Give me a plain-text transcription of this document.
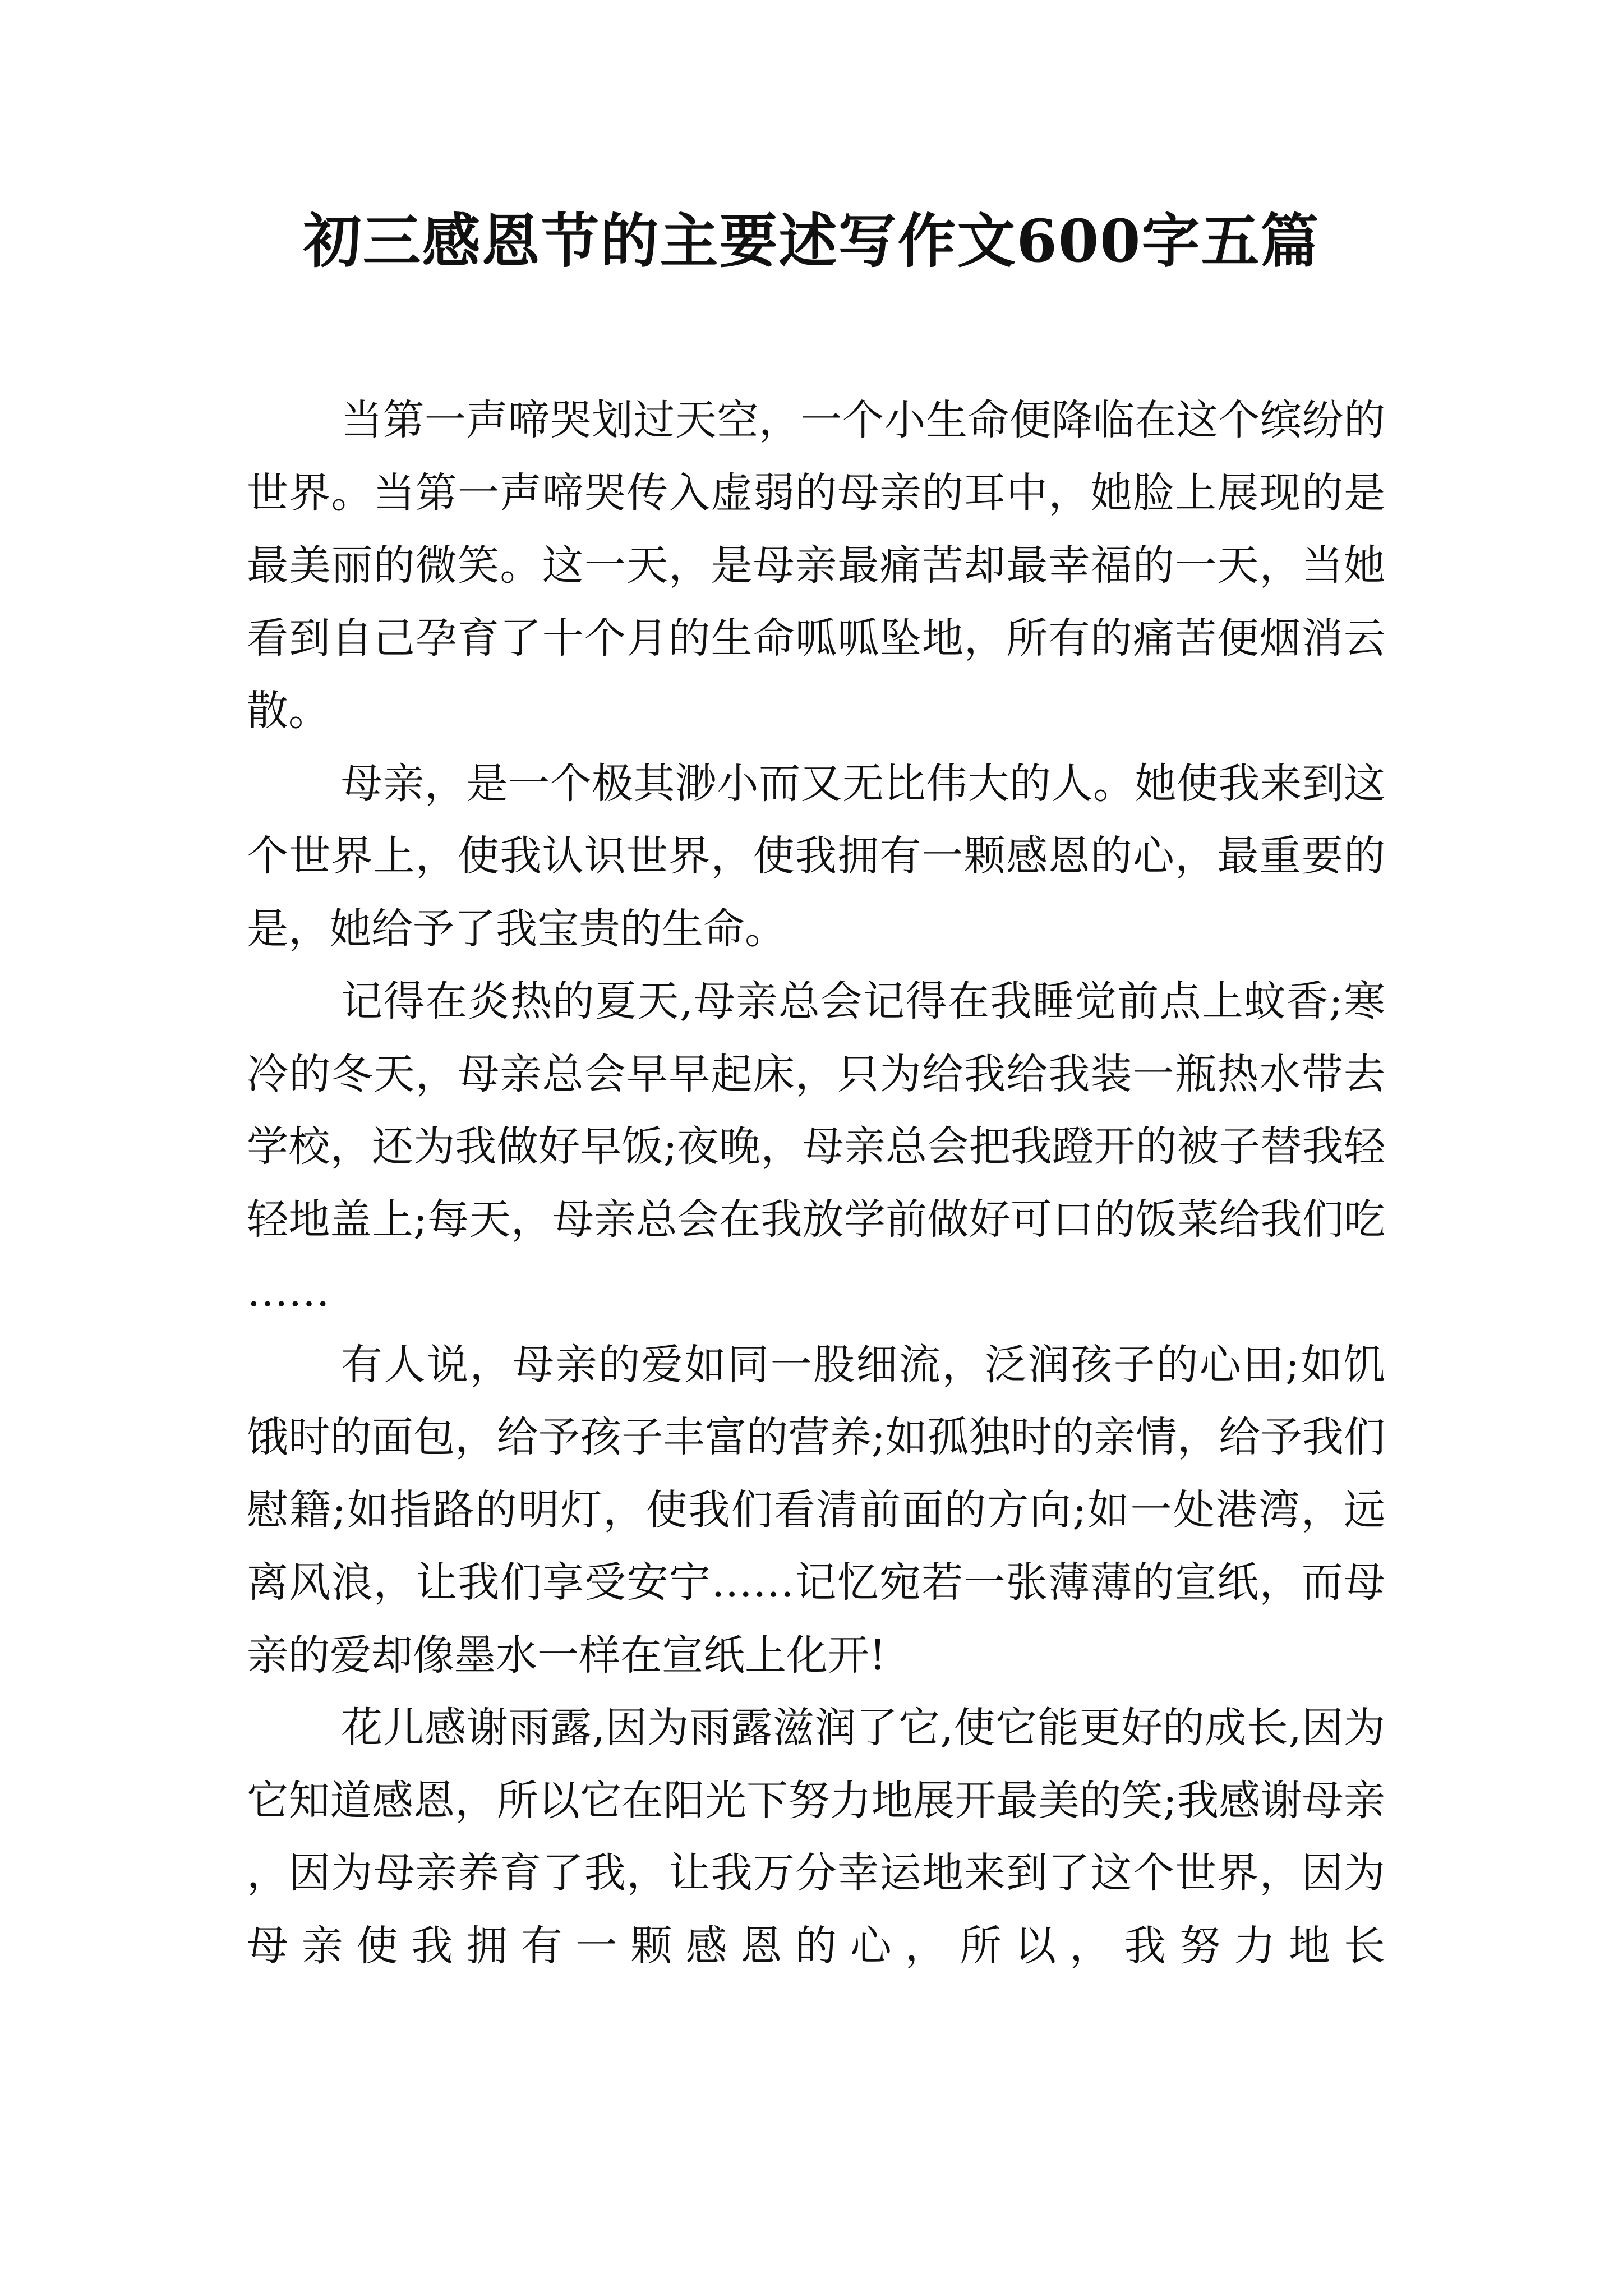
初三感恩节的主要述写作文600字五篇

当第一声啼哭划过天空，一个小生命便降临在这个缤纷的世界。当第一声啼哭传入虚弱的母亲的耳中，她脸上展现的是最美丽的微笑。这一天，是母亲最痛苦却最幸福的一天，当她看到自己孕育了十个月的生命呱呱坠地，所有的痛苦便烟消云散。

母亲，是一个极其渺小而又无比伟大的人。她使我来到这个世界上，使我认识世界，使我拥有一颗感恩的心，最重要的是，她给予了我宝贵的生命。

记得在炎热的夏天,母亲总会记得在我睡觉前点上蚊香;寒冷的冬天，母亲总会早早起床，只为给我给我装一瓶热水带去学校，还为我做好早饭;夜晚，母亲总会把我蹬开的被子替我轻轻地盖上;每天，母亲总会在我放学前做好可口的饭菜给我们吃……

有人说，母亲的爱如同一股细流，泛润孩子的心田;如饥饿时的面包，给予孩子丰富的营养;如孤独时的亲情，给予我们慰籍;如指路的明灯，使我们看清前面的方向;如一处港湾，远离风浪，让我们享受安宁……记忆宛若一张薄薄的宣纸，而母亲的爱却像墨水一样在宣纸上化开!

花儿感谢雨露,因为雨露滋润了它,使它能更好的成长,因为它知道感恩，所以它在阳光下努力地展开最美的笑;我感谢母亲，因为母亲养育了我，让我万分幸运地来到了这个世界，因为母亲使我拥有一颗感恩的心，所以，我努力地长
